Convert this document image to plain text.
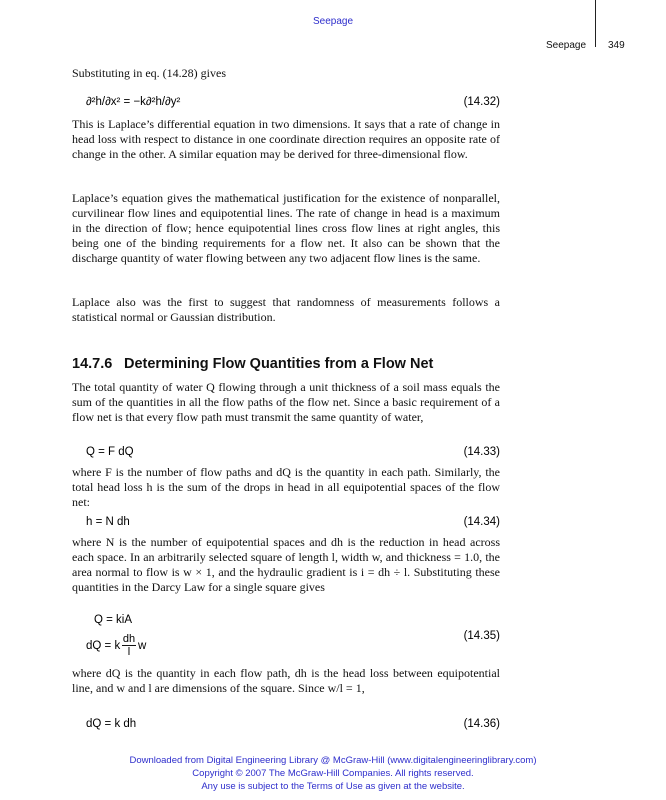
Seepage
Seepage 349

Substituting in eq. (14.28) gives

∂²h/∂x² = −k∂²h/∂y²	(14.32)

This is Laplace’s differential equation in two dimensions. It says that a rate of change in head loss with respect to distance in one coordinate direction requires an opposite rate of change in the other. A similar equation may be derived for three-dimensional flow.

Laplace’s equation gives the mathematical justification for the existence of nonparallel, curvilinear flow lines and equipotential lines. The rate of change in head is a maximum in the direction of flow; hence equipotential lines cross flow lines at right angles, this being one of the binding requirements for a flow net. It also can be shown that the discharge quantity of water flowing between any two adjacent flow lines is the same.

Laplace also was the first to suggest that randomness of measurements follows a statistical normal or Gaussian distribution.

14.7.6 Determining Flow Quantities from a Flow Net

The total quantity of water Q flowing through a unit thickness of a soil mass equals the sum of the quantities in all the flow paths of the flow net. Since a basic requirement of a flow net is that every flow path must transmit the same quantity of water,

Q = F dQ	(14.33)

where F is the number of flow paths and dQ is the quantity in each path. Similarly, the total head loss h is the sum of the drops in head in all equipotential spaces of the flow net:

h = N dh	(14.34)

where N is the number of equipotential spaces and dh is the reduction in head across each space. In an arbitrarily selected square of length l, width w, and thickness = 1.0, the area normal to flow is w × 1, and the hydraulic gradient is i = dh ÷ l. Substituting these quantities in the Darcy Law for a single square gives

Q = kiA
dQ = k $\frac{dh}{l}$ w
(14.35)

where dQ is the quantity in each flow path, dh is the head loss between equipotential line, and w and l are dimensions of the square. Since w/l = 1,

dQ = k dh	(14.36)
Downloaded from Digital Engineering Library @ McGraw-Hill (www.digitalengineeringlibrary.com)
Copyright © 2007 The McGraw-Hill Companies. All rights reserved.
Any use is subject to the Terms of Use as given at the website.
